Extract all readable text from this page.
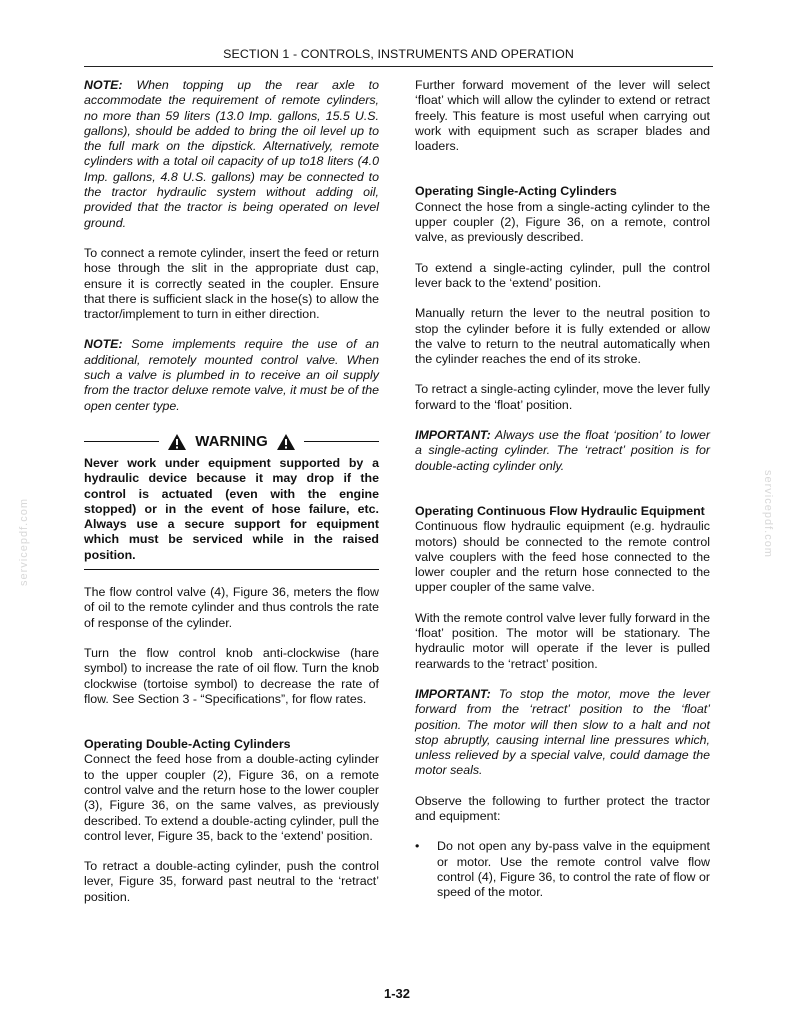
SECTION 1 - CONTROLS, INSTRUMENTS AND OPERATION

NOTE: When topping up the rear axle to accommodate the requirement of remote cylinders, no more than 59 liters (13.0 Imp. gallons, 15.5 U.S. gallons), should be added to bring the oil level up to the full mark on the dipstick. Alternatively, remote cylinders with a total oil capacity of up to18 liters (4.0 Imp. gallons, 4.8 U.S. gallons) may be connected to the tractor hydraulic system without adding oil, provided that the tractor is being operated on level ground.

To connect a remote cylinder, insert the feed or return hose through the slit in the appropriate dust cap, ensure it is correctly seated in the coupler. Ensure that there is sufficient slack in the hose(s) to allow the tractor/implement to turn in either direction.

NOTE: Some implements require the use of an additional, remotely mounted control valve. When such a valve is plumbed in to receive an oil supply from the tractor deluxe remote valve, it must be of the open center type.

WARNING

Never work under equipment supported by a hydraulic device because it may drop if the control is actuated (even with the engine stopped) or in the event of hose failure, etc. Always use a secure support for equipment which must be serviced while in the raised position.

The flow control valve (4), Figure 36, meters the flow of oil to the remote cylinder and thus controls the rate of response of the cylinder.

Turn the flow control knob anti-clockwise (hare symbol) to increase the rate of oil flow. Turn the knob clockwise (tortoise symbol) to decrease the rate of flow. See Section 3 - “Specifications”, for flow rates.

Operating Double-Acting Cylinders

Connect the feed hose from a double-acting cylinder to the upper coupler (2), Figure 36, on a remote control valve and the return hose to the lower coupler (3), Figure 36, on the same valves, as previously described. To extend a double-acting cylinder, pull the control lever, Figure 35, back to the ‘extend’ position.

To retract a double-acting cylinder, push the control lever, Figure 35, forward past neutral to the ‘retract’ position.

Further forward movement of the lever will select ‘float’ which will allow the cylinder to extend or retract freely. This feature is most useful when carrying out work with equipment such as scraper blades and loaders.

Operating Single-Acting Cylinders

Connect the hose from a single-acting cylinder to the upper coupler (2), Figure 36, on a remote, control valve, as previously described.

To extend a single-acting cylinder, pull the control lever back to the ‘extend’ position.

Manually return the lever to the neutral position to stop the cylinder before it is fully extended or allow the valve to return to the neutral automatically when the cylinder reaches the end of its stroke.

To retract a single-acting cylinder, move the lever fully forward to the ‘float’ position.

IMPORTANT: Always use the float ‘position’ to lower a single-acting cylinder. The ‘retract’ position is for double-acting cylinder only.

Operating Continuous Flow Hydraulic Equipment

Continuous flow hydraulic equipment (e.g. hydraulic motors) should be connected to the remote control valve couplers with the feed hose connected to the lower coupler and the return hose connected to the upper coupler of the same valve.

With the remote control valve lever fully forward in the ‘float’ position. The motor will be stationary. The hydraulic motor will operate if the lever is pulled rearwards to the ‘retract’ position.

IMPORTANT: To stop the motor, move the lever forward from the ‘retract’ position to the ‘float’ position. The motor will then slow to a halt and not stop abruptly, causing internal line pressures which, unless relieved by a special valve, could damage the motor seals.

Observe the following to further protect the tractor and equipment:

•	Do not open any by-pass valve in the equipment or motor. Use the remote control valve flow control (4), Figure 36, to control the rate of flow or speed of the motor.
servicepdf.com	servicepdf.com
1-32
